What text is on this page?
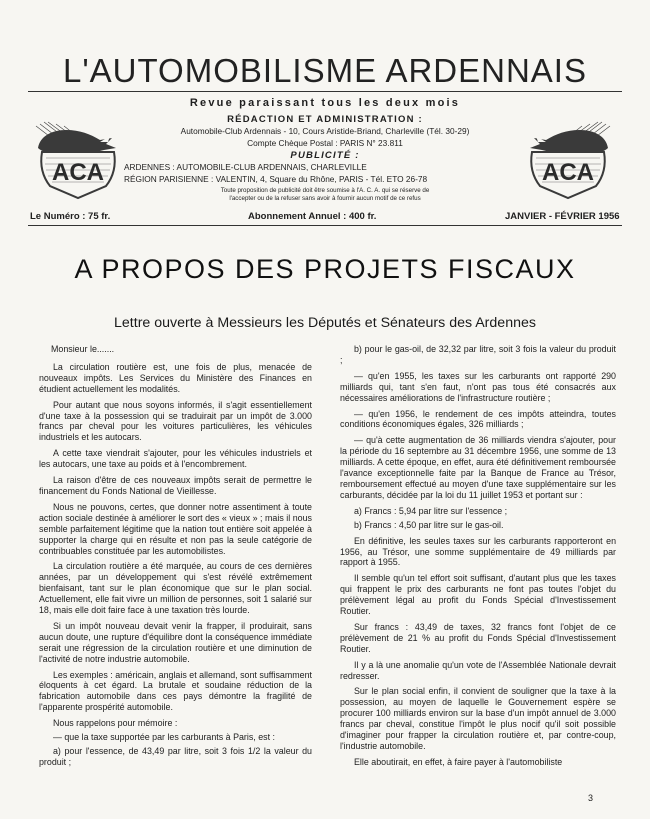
L'AUTOMOBILISME ARDENNAIS
Revue paraissant tous les deux mois
ACA	ACA
RÉDACTION ET ADMINISTRATION :
Automobile-Club Ardennais - 10, Cours Aristide-Briand, Charleville (Tél. 30-29)
Compte Chèque Postal : PARIS N° 23.811
PUBLICITÉ :
ARDENNES : AUTOMOBILE-CLUB ARDENNAIS, CHARLEVILLE
RÉGION PARISIENNE : VALENTIN, 4, Square du Rhône, PARIS - Tél. ETO 26-78
Toute proposition de publicité doit être soumise à l'A. C. A. qui se réserve de
l'accepter ou de la refuser sans avoir à fournir aucun motif de ce refus
Le Numéro : 75 fr.	Abonnement Annuel : 400 fr.	JANVIER - FÉVRIER 1956
A PROPOS DES PROJETS FISCAUX
Lettre ouverte à Messieurs les Députés et Sénateurs des Ardennes
Monsieur le.......

La circulation routière est, une fois de plus, menacée de nouveaux impôts. Les Services du Ministère des Finances en étudient actuellement les modalités.

Pour autant que nous soyons informés, il s'agit essentiellement d'une taxe à la possession qui se traduirait par un impôt de 3.000 francs par cheval pour les voitures particulières, les véhicules industriels et les autocars.

A cette taxe viendrait s'ajouter, pour les véhicules industriels et les autocars, une taxe au poids et à l'encombrement.

La raison d'être de ces nouveaux impôts serait de permettre le financement du Fonds National de Vieillesse.

Nous ne pouvons, certes, que donner notre assentiment à toute action sociale destinée à améliorer le sort des « vieux » ; mais il nous semble parfaitement légitime que la nation tout entière soit appelée à supporter la charge qui en résulte et non pas la seule catégorie de contribuables constituée par les automobilistes.

La circulation routière a été marquée, au cours de ces dernières années, par un développement qui s'est révélé extrêmement bienfaisant, tant sur le plan économique que sur le plan social. Actuellement, elle fait vivre un million de personnes, soit 1 salarié sur 18, mais elle doit faire face à une taxation très lourde.

Si un impôt nouveau devait venir la frapper, il produirait, sans aucun doute, une rupture d'équilibre dont la conséquence immédiate serait une régression de la circulation routière et une diminution de l'activité de notre industrie automobile.

Les exemples : américain, anglais et allemand, sont suffisamment éloquents à cet égard. La brutale et soudaine réduction de la fabrication automobile dans ces pays démontre la fragilité de l'apparente prospérité automobile.

Nous rappelons pour mémoire :

— que la taxe supportée par les carburants à Paris, est :

a) pour l'essence, de 43,49 par litre, soit 3 fois 1/2 la valeur du produit ;

b) pour le gas-oil, de 32,32 par litre, soit 3 fois la valeur du produit ;

— qu'en 1955, les taxes sur les carburants ont rapporté 290 milliards qui, tant s'en faut, n'ont pas tous été consacrés aux nécessaires améliorations de l'infrastructure routière ;

— qu'en 1956, le rendement de ces impôts atteindra, toutes conditions économiques égales, 326 milliards ;

— qu'à cette augmentation de 36 milliards viendra s'ajouter, pour la période du 16 septembre au 31 décembre 1956, une somme de 13 milliards. A cette époque, en effet, aura été définitivement remboursée l'avance exceptionnelle faite par la Banque de France au Trésor, remboursement effectué au moyen d'une taxe supplémentaire sur les carburants, décidée par la loi du 11 juillet 1953 et portant sur :

a) Francs : 5,94 par litre sur l'essence ;

b) Francs : 4,50 par litre sur le gas-oil.

En définitive, les seules taxes sur les carburants rapporteront en 1956, au Trésor, une somme supplémentaire de 49 milliards par rapport à 1955.

Il semble qu'un tel effort soit suffisant, d'autant plus que les taxes qui frappent le prix des carburants ne font pas toutes l'objet du prélèvement légal au profit du Fonds Spécial d'Investissement Routier.

Sur francs : 43,49 de taxes, 32 francs font l'objet de ce prélèvement de 21 % au profit du Fonds Spécial d'Investissement Routier.

Il y a là une anomalie qu'un vote de l'Assemblée Nationale devrait redresser.

Sur le plan social enfin, il convient de souligner que la taxe à la possession, au moyen de laquelle le Gouvernement espère se procurer 100 milliards environ sur la base d'un impôt annuel de 3.000 francs par cheval, constitue l'impôt le plus nocif qu'il soit possible d'imaginer pour frapper la circulation routière et, par contre-coup, l'industrie automobile.

Elle aboutirait, en effet, à faire payer à l'automobiliste

3
